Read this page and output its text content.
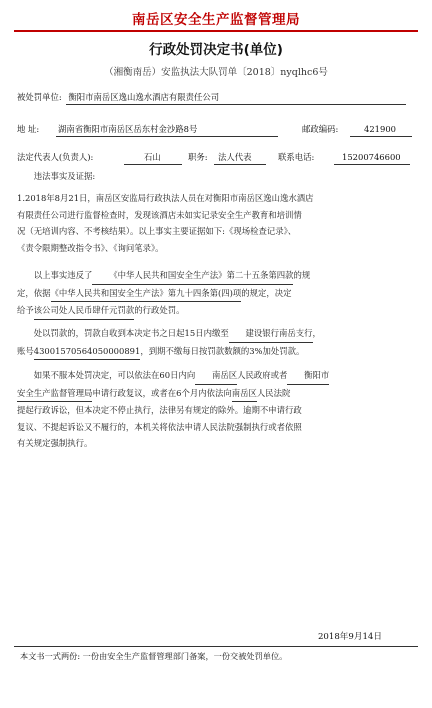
南岳区安全生产监督管理局
行政处罚决定书(单位)
（湘衡南岳）安监执法大队罚单〔2018〕nyqlhc6号
被处罚单位: 衡阳市南岳区逸山逸水酒店有限责任公司
地 址: 湖南省衡阳市南岳区岳东村金沙路8号	邮政编码:	421900
法定代表人(负责人):	石山	职务: 法人代表	联系电话:	15200746600
违法事实及证据:
1.2018年8月21日，南岳区安监局行政执法人员在对衡阳市南岳区逸山逸水酒店
有限责任公司进行监督检查时，发现该酒店未如实记录安全生产教育和培训情
况（无培训内容、不考核结果）。以上事实主要证据如下:《现场检查记录》、
《责令限期整改指令书》、《询问笔录》。
以上事实违反了 《中华人民共和国安全生产法》第二十五条第四款的规
定，依据《中华人民共和国安全生产法》第九十四条第(四)项的规定，决定
给予该公司处人民币肆仟元罚款的行政处罚。
处以罚款的，罚款自收到本决定书之日起15日内缴至 建设银行南岳支行，
账号43001570564050000891，到期不缴每日按罚款数额的3%加处罚款。
如果不服本处罚决定，可以依法在60日内向 南岳区人民政府或者 衡阳市
安全生产监督管理局申请行政复议，或者在6个月内依法向南岳区人民法院
提起行政诉讼，但本决定不停止执行，法律另有规定的除外。逾期不申请行政
复议、不提起诉讼又不履行的，本机关将依法申请人民法院强制执行或者依照
有关规定强制执行。
2018年9月14日
本文书一式两份: 一份由安全生产监督管理部门备案，一份交被处罚单位。
